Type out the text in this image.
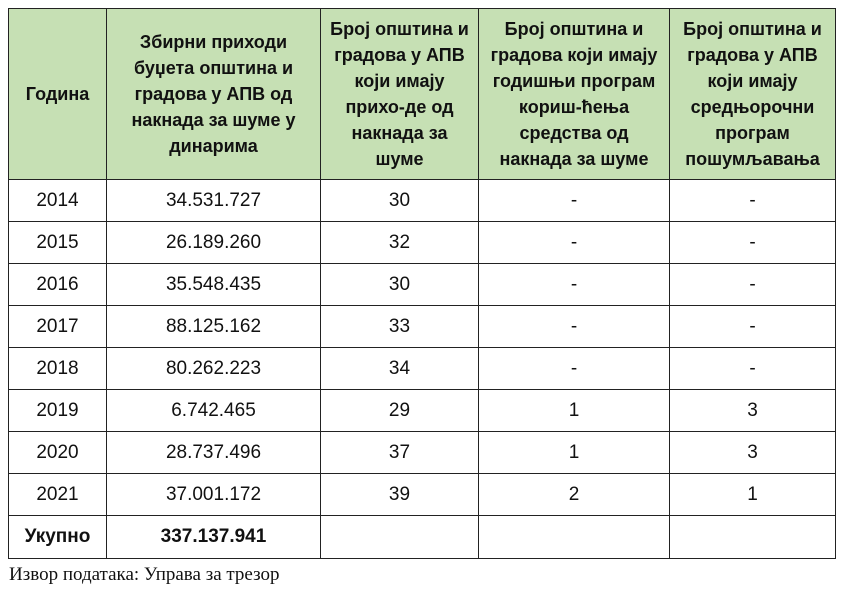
Година	Збирни приходи буџета општина и градова у АПВ од накнада за шуме у динарима	Број општина и градова у АПВ који имају прихо-де од накнада за шуме	Број општина и градова који имају годишњи програм кориш-ћења средства од накнада за шуме	Број општина и градова у АПВ који имају средњорочни програм пошумљавања
2014	34.531.727	30	-	-
2015	26.189.260	32	-	-
2016	35.548.435	30	-	-
2017	88.125.162	33	-	-
2018	80.262.223	34	-	-
2019	6.742.465	29	1	3
2020	28.737.496	37	1	3
2021	37.001.172	39	2	1
Укупно	337.137.941			
Извор података: Управа за трезор
